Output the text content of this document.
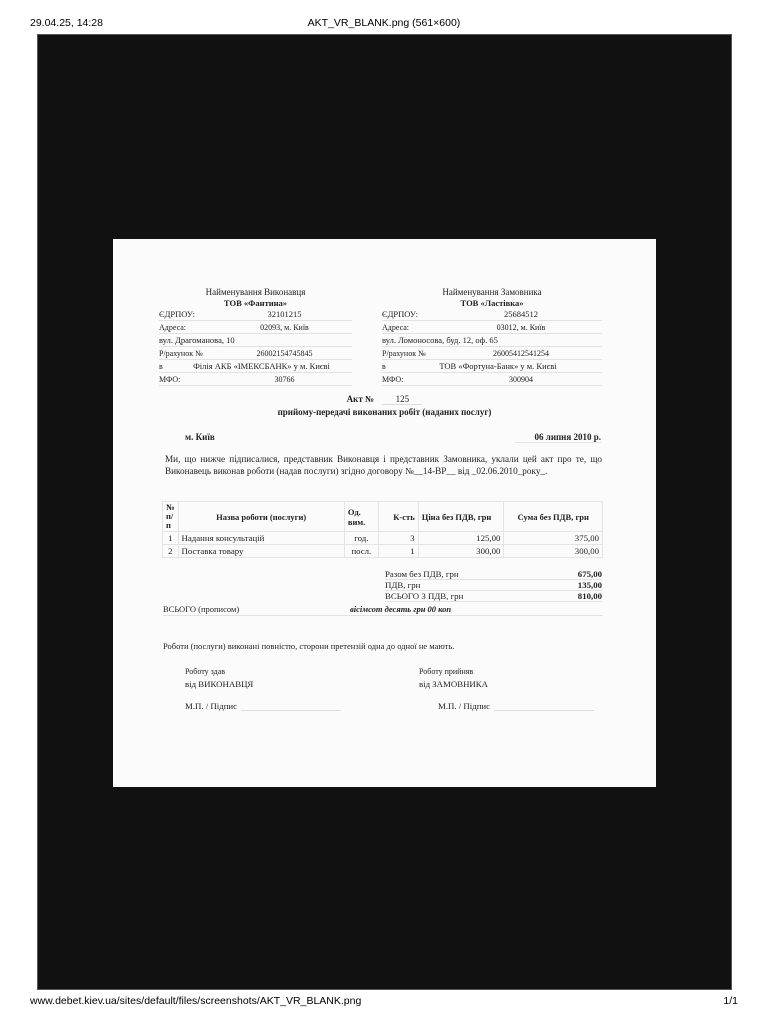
29.04.25, 14:28	AKT_VR_BLANK.png (561×600)
Найменування Виконавця
ТОВ «Фантина»
ЄДРПОУ:	32101215
Адреса:	02093, м. Київ
вул. Драгоманова, 10
Р/рахунок №	26002154745845
в	Філія АКБ «ІМЕКСБАНК» у м. Києві
МФО:	30766
Найменування Замовника
ТОВ «Ластівка»
ЄДРПОУ:	25684512
Адреса:	03012, м. Київ
вул. Ломоносова, буд. 12, оф. 65
Р/рахунок №	26005412541254
в	ТОВ «Фортуна-Банк» у м. Києві
МФО:	300904
Акт № 125
прийому-передачі виконаних робіт (наданих послуг)
м. Київ	06 липня 2010 р.
Ми, що нижче підписалися, представник Виконавця і представник Замовника, уклали цей акт про те, що Виконавець виконав роботи (надав послуги) згідно договору №__14-ВР__ від _02.06.2010_року_.
№ п/п	Назва роботи (послуги)	Од. вим.	К-сть	Ціна без ПДВ, грн	Сума без ПДВ, грн
1	Надання консультацій	год.	3	125,00	375,00
2	Поставка товару	посл.	1	300,00	300,00
Разом без ПДВ, грн	675,00
ПДВ, грн	135,00
ВСЬОГО З ПДВ, грн	810,00
ВСЬОГО (прописом)	вісімсот десять грн 00 коп
Роботи (послуги) виконані повністю, сторони претензій одна до одної не мають.
Роботу здав
від ВИКОНАВЦЯ
Роботу прийняв
від ЗАМОВНИКА
М.П. / Підпис	М.П. / Підпис
www.debet.kiev.ua/sites/default/files/screenshots/AKT_VR_BLANK.png	1/1
